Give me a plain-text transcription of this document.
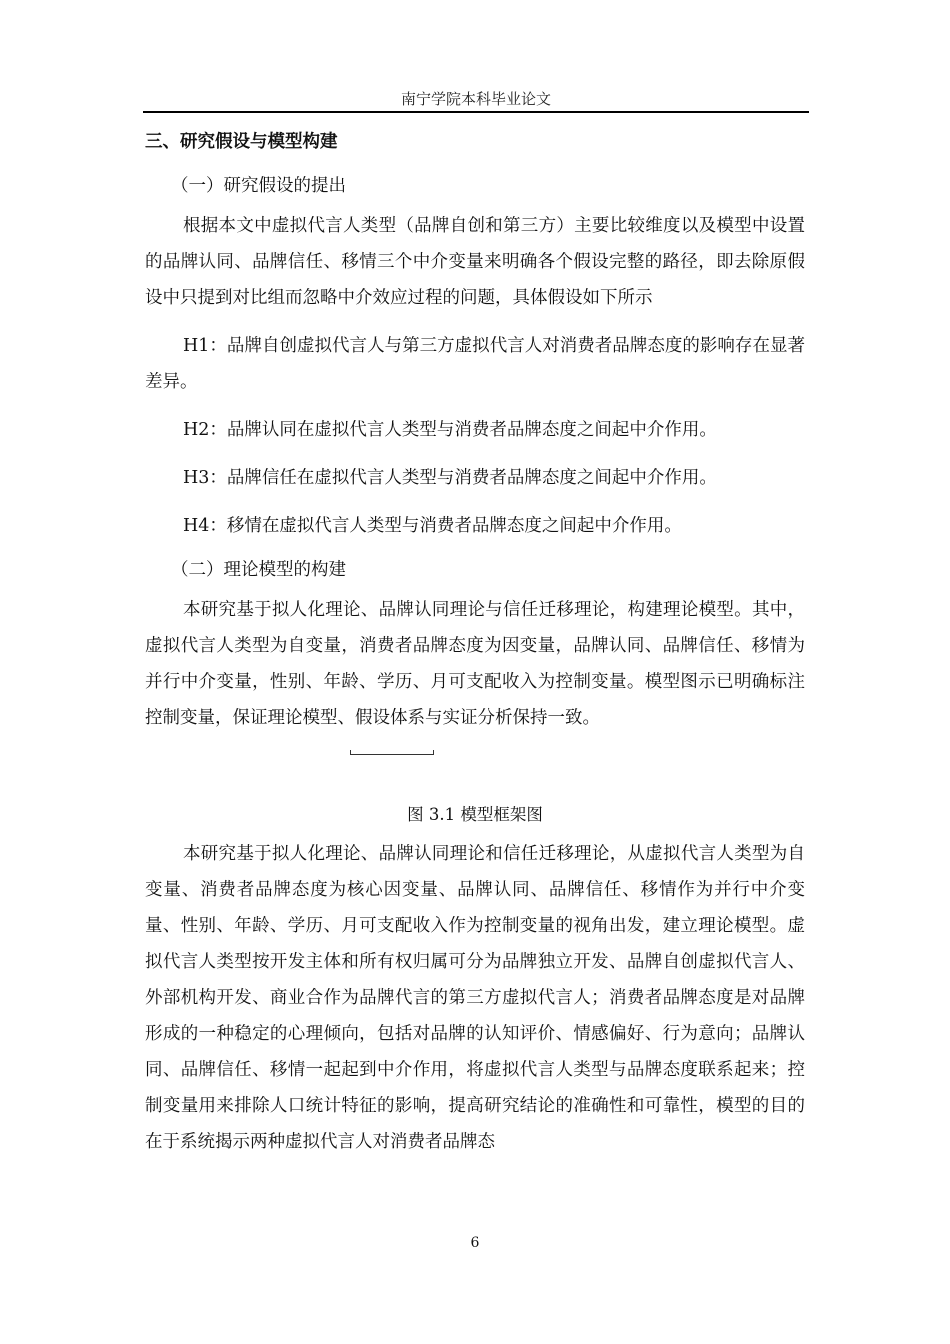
南宁学院本科毕业论文

三、研究假设与模型构建

（一）研究假设的提出

根据本文中虚拟代言人类型（品牌自创和第三方）主要比较维度以及模型中设置的品牌认同、品牌信任、移情三个中介变量来明确各个假设完整的路径，即去除原假设中只提到对比组而忽略中介效应过程的问题，具体假设如下所示

H1：品牌自创虚拟代言人与第三方虚拟代言人对消费者品牌态度的影响存在显著差异。

H2：品牌认同在虚拟代言人类型与消费者品牌态度之间起中介作用。

H3：品牌信任在虚拟代言人类型与消费者品牌态度之间起中介作用。

H4：移情在虚拟代言人类型与消费者品牌态度之间起中介作用。

（二）理论模型的构建

本研究基于拟人化理论、品牌认同理论与信任迁移理论，构建理论模型。其中，虚拟代言人类型为自变量，消费者品牌态度为因变量，品牌认同、品牌信任、移情为并行中介变量，性别、年龄、学历、月可支配收入为控制变量。模型图示已明确标注控制变量，保证理论模型、假设体系与实证分析保持一致。

图 3.1 模型框架图

本研究基于拟人化理论、品牌认同理论和信任迁移理论，从虚拟代言人类型为自变量、消费者品牌态度为核心因变量、品牌认同、品牌信任、移情作为并行中介变量、性别、年龄、学历、月可支配收入作为控制变量的视角出发，建立理论模型。虚拟代言人类型按开发主体和所有权归属可分为品牌独立开发、品牌自创虚拟代言人、外部机构开发、商业合作为品牌代言的第三方虚拟代言人；消费者品牌态度是对品牌形成的一种稳定的心理倾向，包括对品牌的认知评价、情感偏好、行为意向；品牌认同、品牌信任、移情一起起到中介作用，将虚拟代言人类型与品牌态度联系起来；控制变量用来排除人口统计特征的影响，提高研究结论的准确性和可靠性，模型的目的在于系统揭示两种虚拟代言人对消费者品牌态

6
